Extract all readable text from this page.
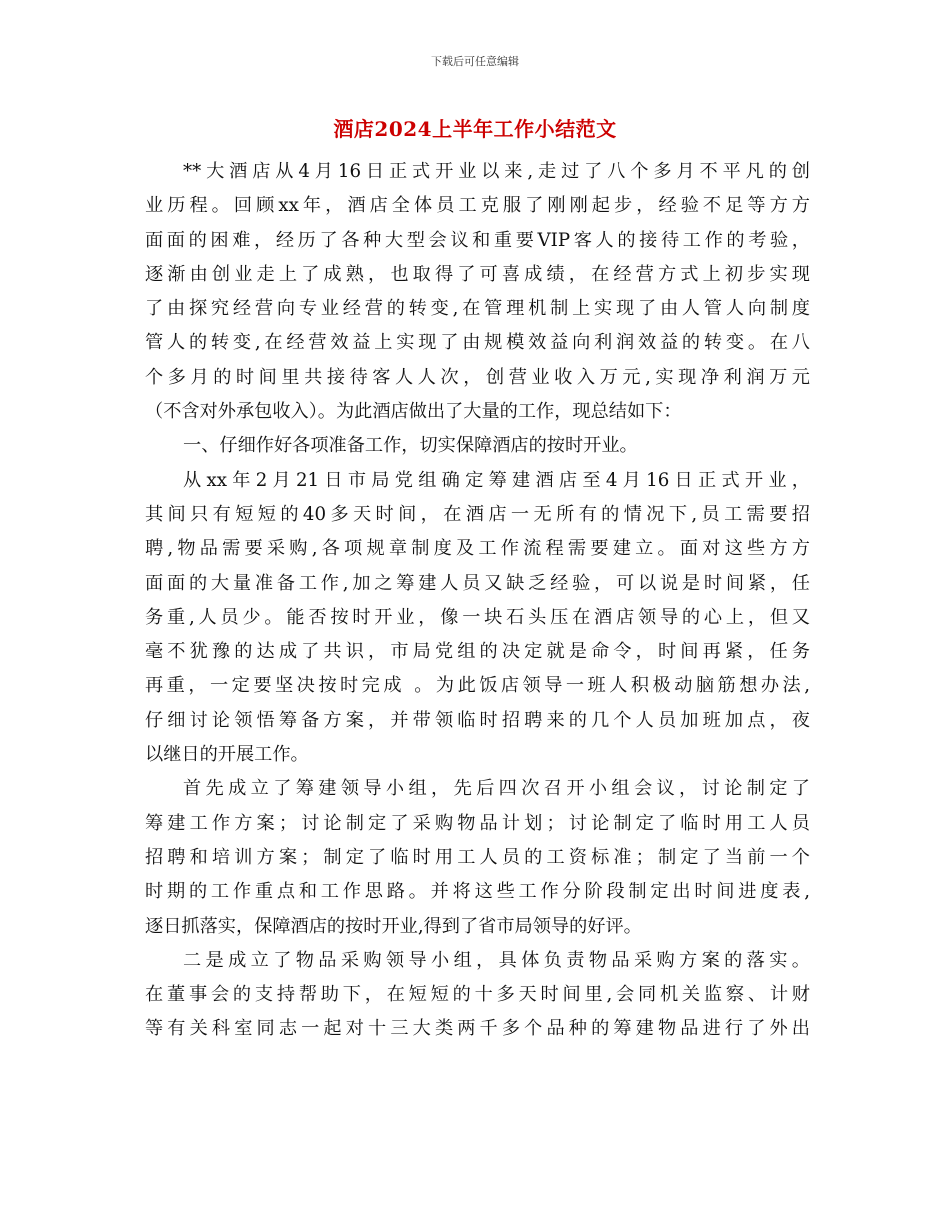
下载后可任意编辑
酒店2024上半年工作小结范文
**大酒店从4月16日正式开业以来,走过了八个多月不平凡的创
业历程。回顾xx年，酒店全体员工克服了刚刚起步，经验不足等方方
面面的困难，经历了各种大型会议和重要VIP客人的接待工作的考验，
逐渐由创业走上了成熟，也取得了可喜成绩，在经营方式上初步实现
了由探究经营向专业经营的转变,在管理机制上实现了由人管人向制度
管人的转变,在经营效益上实现了由规模效益向利润效益的转变。在八
个多月的时间里共接待客人人次，创营业收入万元,实现净利润万元
（不含对外承包收入）。为此酒店做出了大量的工作，现总结如下：
一、仔细作好各项准备工作，切实保障酒店的按时开业。
从xx年2月21日市局党组确定筹建酒店至4月16日正式开业，
其间只有短短的40多天时间，在酒店一无所有的情况下,员工需要招
聘,物品需要采购,各项规章制度及工作流程需要建立。面对这些方方
面面的大量准备工作,加之筹建人员又缺乏经验，可以说是时间紧，任
务重,人员少。能否按时开业，像一块石头压在酒店领导的心上，但又
毫不犹豫的达成了共识，市局党组的决定就是命令，时间再紧，任务
再重，一定要坚决按时完成 。为此饭店领导一班人积极动脑筋想办法,
仔细讨论领悟筹备方案，并带领临时招聘来的几个人员加班加点，夜
以继日的开展工作。
首先成立了筹建领导小组，先后四次召开小组会议，讨论制定了
筹建工作方案；讨论制定了采购物品计划；讨论制定了临时用工人员
招聘和培训方案；制定了临时用工人员的工资标准；制定了当前一个
时期的工作重点和工作思路。并将这些工作分阶段制定出时间进度表,
逐日抓落实，保障酒店的按时开业,得到了省市局领导的好评。
二是成立了物品采购领导小组，具体负责物品采购方案的落实。
在董事会的支持帮助下，在短短的十多天时间里,会同机关监察、计财
等有关科室同志一起对十三大类两千多个品种的筹建物品进行了外出
